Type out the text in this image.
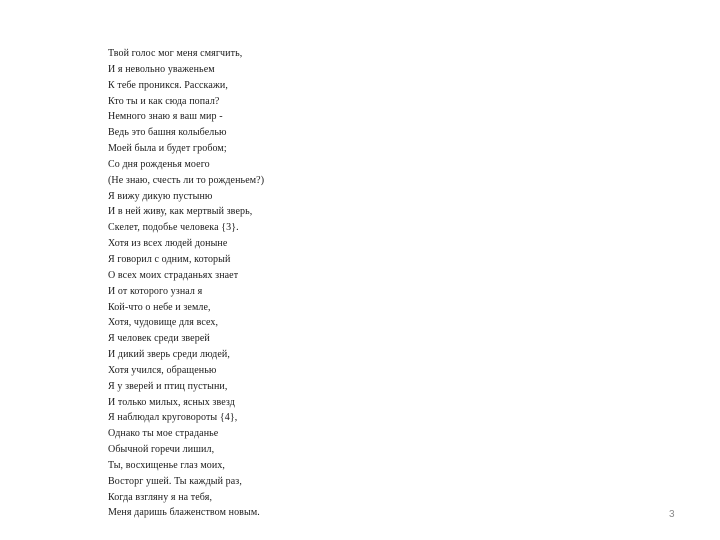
Твой голос мог меня смягчить,
И я невольно уваженьем
К тебе проникся. Расскажи,
Кто ты и как сюда попал?
Немного знаю я ваш мир -
Ведь это башня колыбелью
Моей была и будет гробом;
Со дня рожденья моего
(Не знаю, счесть ли то рожденьем?)
Я вижу дикую пустыню
И в ней живу, как мертвый зверь,
Скелет, подобье человека {3}.
Хотя из всех людей доныне
Я говорил с одним, который
О всех моих страданьях знает
И от которого узнал я
Кой-что о небе и земле,
Хотя, чудовище для всех,
Я человек среди зверей
И дикий зверь среди людей,
Хотя учился, обращенью
Я у зверей и птиц пустыни,
И только милых, ясных звезд
Я наблюдал круговороты {4},
Однако ты мое страданье
Обычной горечи лишил,
Ты, восхищенье глаз моих,
Восторг ушей. Ты каждый раз,
Когда взгляну я на тебя,
Меня даришь блаженством новым.	3
